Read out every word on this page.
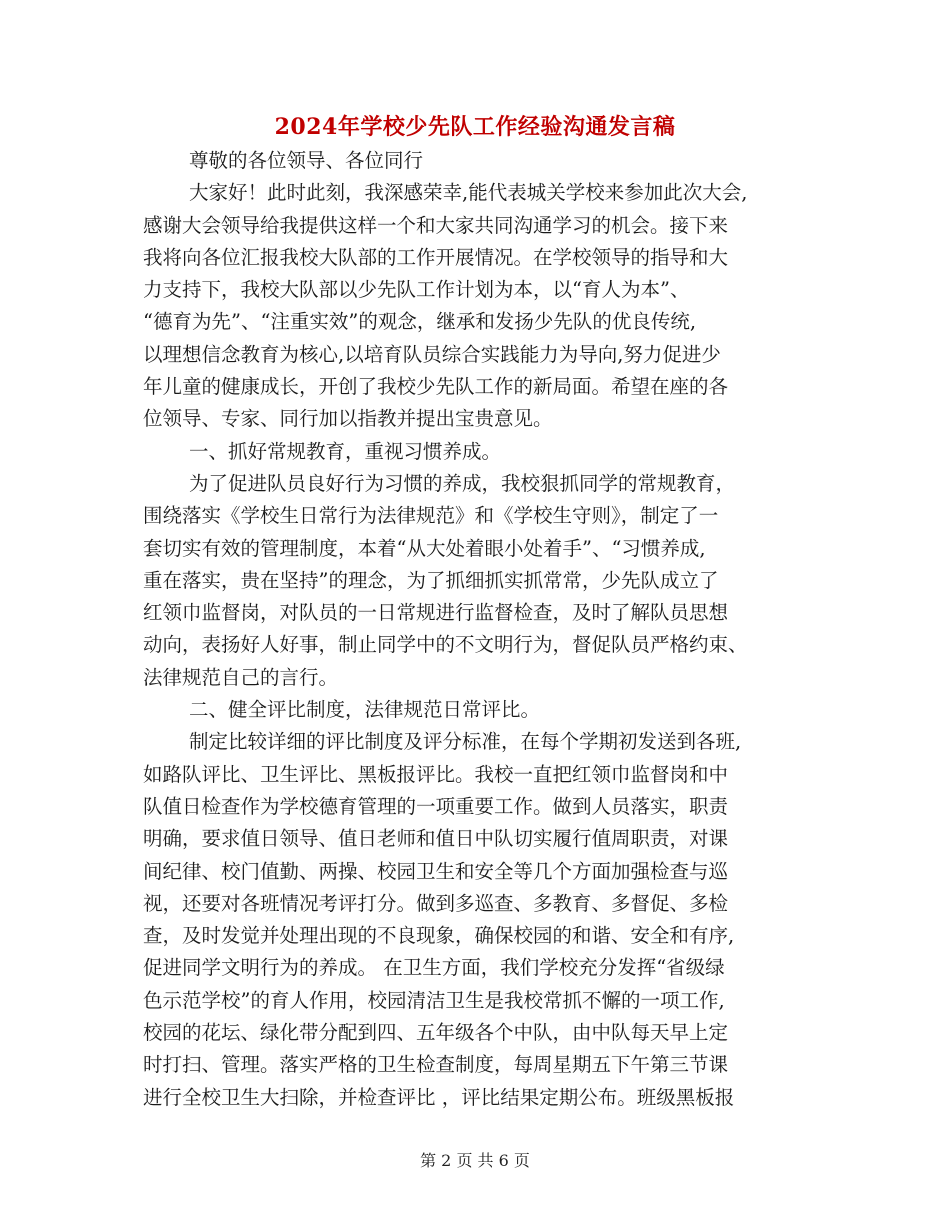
2024年学校少先队工作经验沟通发言稿
尊敬的各位领导、各位同行
大家好！此时此刻，我深感荣幸,能代表城关学校来参加此次大会,
感谢大会领导给我提供这样一个和大家共同沟通学习的机会。接下来
我将向各位汇报我校大队部的工作开展情况。在学校领导的指导和大
力支持下，我校大队部以少先队工作计划为本，以“育人为本”、
“德育为先”、“注重实效”的观念，继承和发扬少先队的优良传统,
以理想信念教育为核心,以培育队员综合实践能力为导向,努力促进少
年儿童的健康成长，开创了我校少先队工作的新局面。希望在座的各
位领导、专家、同行加以指教并提出宝贵意见。
一、抓好常规教育，重视习惯养成。
为了促进队员良好行为习惯的养成，我校狠抓同学的常规教育，
围绕落实《学校生日常行为法律规范》和《学校生守则》，制定了一
套切实有效的管理制度，本着“从大处着眼小处着手”、“习惯养成,
重在落实，贵在坚持”的理念，为了抓细抓实抓常常，少先队成立了
红领巾监督岗，对队员的一日常规进行监督检查，及时了解队员思想
动向，表扬好人好事，制止同学中的不文明行为，督促队员严格约束、
法律规范自己的言行。
二、健全评比制度，法律规范日常评比。
制定比较详细的评比制度及评分标准，在每个学期初发送到各班,
如路队评比、卫生评比、黑板报评比。我校一直把红领巾监督岗和中
队值日检查作为学校德育管理的一项重要工作。做到人员落实，职责
明确，要求值日领导、值日老师和值日中队切实履行值周职责，对课
间纪律、校门值勤、两操、校园卫生和安全等几个方面加强检查与巡
视，还要对各班情况考评打分。做到多巡查、多教育、多督促、多检
查，及时发觉并处理出现的不良现象，确保校园的和谐、安全和有序,
促进同学文明行为的养成。 在卫生方面，我们学校充分发挥“省级绿
色示范学校”的育人作用，校园清洁卫生是我校常抓不懈的一项工作,
校园的花坛、绿化带分配到四、五年级各个中队，由中队每天早上定
时打扫、管理。落实严格的卫生检查制度，每周星期五下午第三节课
进行全校卫生大扫除，并检查评比 ，评比结果定期公布。班级黑板报
第 2 页 共 6 页
